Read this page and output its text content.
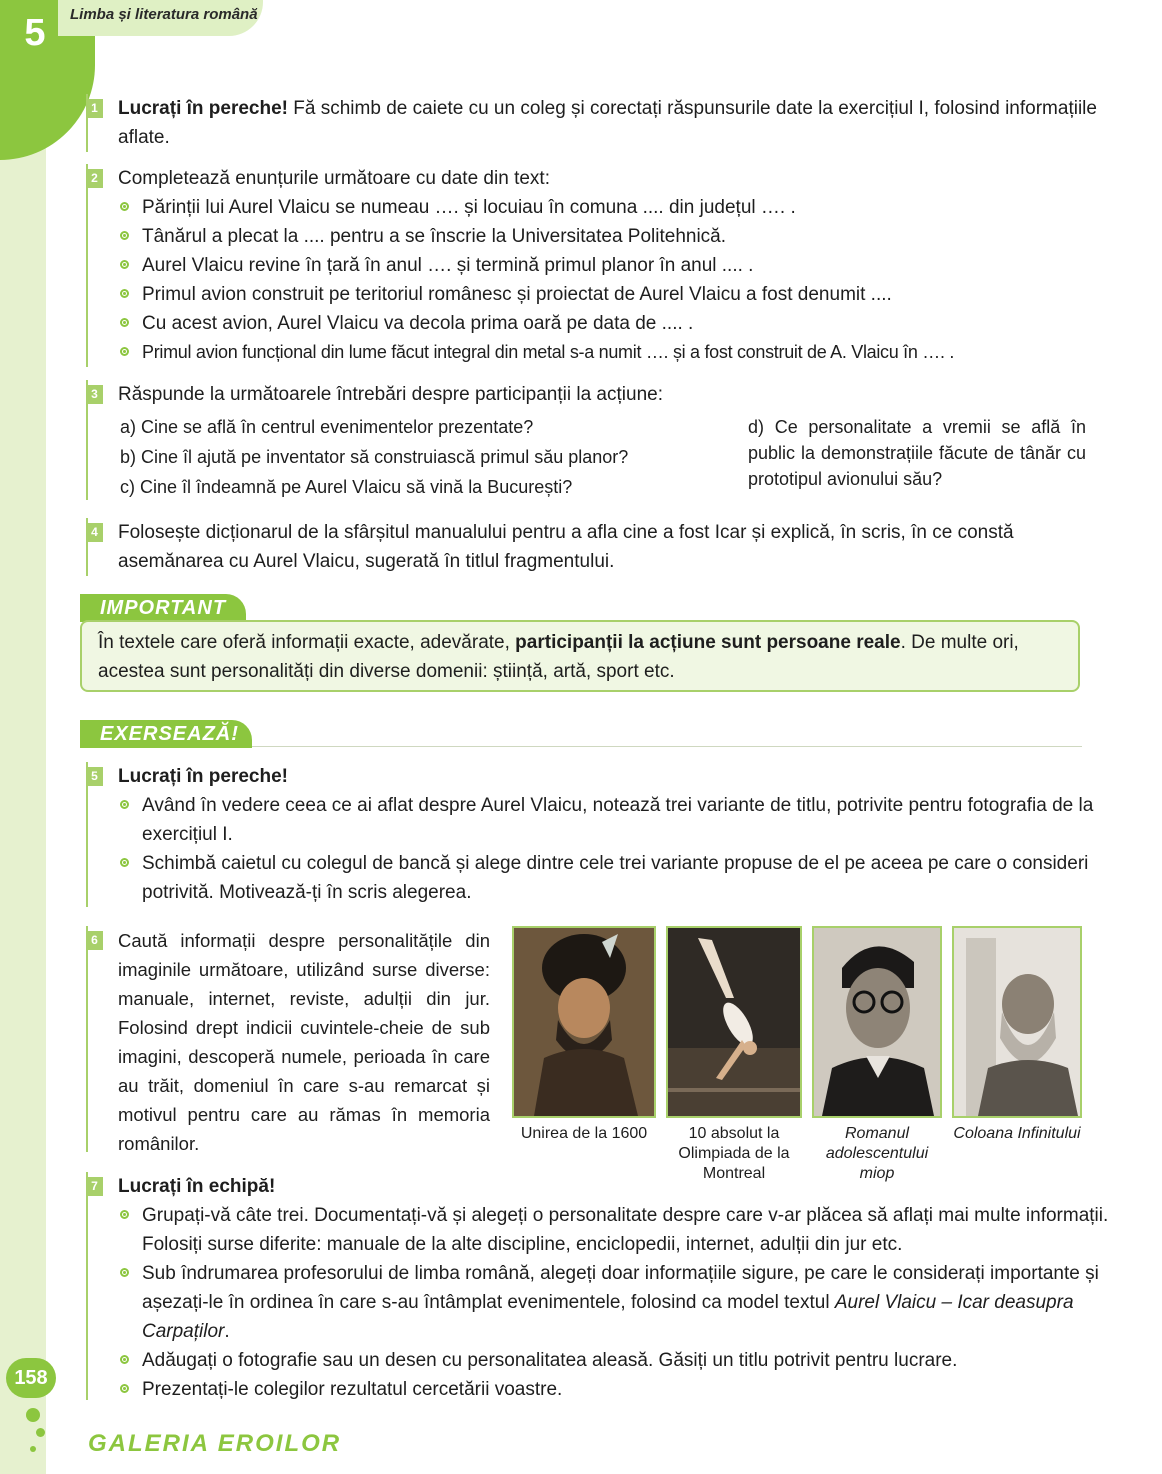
5	Limba și literatura română
1 Lucrați în pereche! Fă schimb de caiete cu un coleg și corectați răspunsurile date la exercițiul I, folosind informațiile aflate.
2 Completează enunțurile următoare cu date din text:
Părinții lui Aurel Vlaicu se numeau …. și locuiau în comuna .... din județul …. .
Tânărul a plecat la .... pentru a se înscrie la Universitatea Politehnică.
Aurel Vlaicu revine în țară în anul …. și termină primul planor în anul .... .
Primul avion construit pe teritoriul românesc și proiectat de Aurel Vlaicu a fost denumit ....
Cu acest avion, Aurel Vlaicu va decola prima oară pe data de .... .
Primul avion funcțional din lume făcut integral din metal s-a numit …. și a fost construit de A. Vlaicu în …. .
3 Răspunde la următoarele întrebări despre participanții la acțiune:
a) Cine se află în centrul evenimentelor prezentate?
b) Cine îl ajută pe inventator să construiască primul său planor?
c) Cine îl îndeamnă pe Aurel Vlaicu să vină la București?
d) Ce personalitate a vremii se află în public la demonstrațiile făcute de tânăr cu prototipul avionului său?
4 Folosește dicționarul de la sfârșitul manualului pentru a afla cine a fost Icar și explică, în scris, în ce constă asemănarea cu Aurel Vlaicu, sugerată în titlul fragmentului.
IMPORTANT
În textele care oferă informații exacte, adevărate, participanții la acțiune sunt persoane reale. De multe ori, acestea sunt personalități din diverse domenii: știință, artă, sport etc.
EXERSEAZĂ!
5 Lucrați în pereche!
Având în vedere ceea ce ai aflat despre Aurel Vlaicu, notează trei variante de titlu, potrivite pentru fotografia de la exercițiul I.
Schimbă caietul cu colegul de bancă și alege dintre cele trei variante propuse de el pe aceea pe care o consideri potrivită. Motivează-ți în scris alegerea.
6 Caută informații despre personalitățile din imaginile următoare, utilizând surse diverse: manuale, internet, reviste, adulții din jur. Folosind drept indicii cuvintele-cheie de sub imagini, descoperă numele, perioada în care au trăit, domeniul în care s-au remarcat și motivul pentru care au rămas în memoria românilor.	Unirea de la 1600	10 absolut la Olimpiada de la Montreal
Romanul adolescentului miop
Coloana Infinitului
7 Lucrați în echipă!
Grupați-vă câte trei. Documentați-vă și alegeți o personalitate despre care v-ar plăcea să aflați mai multe informații. Folosiți surse diferite: manuale de la alte discipline, enciclopedii, internet, adulții din jur etc.
Sub îndrumarea profesorului de limba română, alegeți doar informațiile sigure, pe care le considerați importante și așezați-le în ordinea în care s-au întâmplat evenimentele, folosind ca model textul Aurel Vlaicu – Icar deasupra Carpaților.
Adăugați o fotografie sau un desen cu personalitatea aleasă. Găsiți un titlu potrivit pentru lucrare.
Prezentați-le colegilor rezultatul cercetării voastre.
158
GALERIA EROILOR
